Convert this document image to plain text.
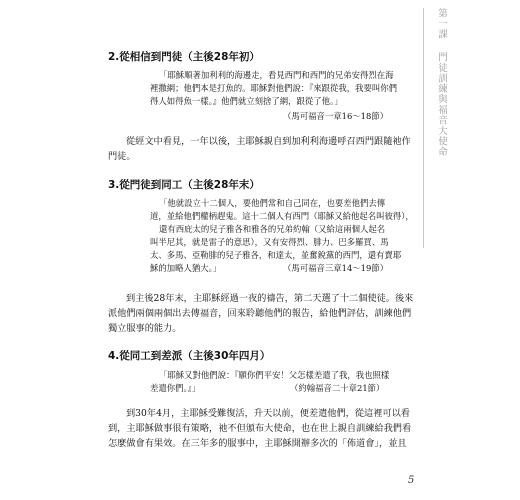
第一課 門徒訓練與福音大使命
2.從相信到門徒（主後28年初）
「耶穌順著加利利的海邊走，看見西門和西門的兄弟安得烈在海
裡撒網；他們本是打魚的。耶穌對他們說：『來跟從我，我要叫你們
得人如得魚一樣。』他們就立刻捨了網，跟從了他。」
（馬可福音一章16～18節）
從經文中看見，一年以後，主耶穌親自到加利利海邊呼召西門跟隨祂作
門徒。
3.從門徒到同工（主後28年末）
「他就設立十二個人，要他們常和自己同在，也要差他們去傳
道，並給他們權柄趕鬼。這十二個人有西門（耶穌又給他起名叫彼得），
還有西庇太的兒子雅各和雅各的兄弟約翰（又給這兩個人起名
叫半尼其，就是雷子的意思），又有安得烈、腓力、巴多羅買、馬
太、多馬、亞勒腓的兒子雅各，和達太，並奮銳黨的西門，還有賣耶
穌的加略人猶大。」	（馬可福音三章14～19節）
到主後28年末，主耶穌經過一夜的禱告，第二天選了十二個使徒。後來
派他們兩個兩個出去傳福音，回來聆聽他們的報告，給他們評估，訓練他們
獨立服事的能力。
4.從同工到差派（主後30年四月）
「耶穌又對他們說：『願你們平安！父怎樣差遣了我，我也照樣
差遣你們。』」	（約翰福音二十章21節）
到30年4月，主耶穌受難復活，升天以前，便差遣他們，從這裡可以看
到，主耶穌做事很有策略，祂不但頒布大使命，也在世上親自訓練給我們看
怎麼做會有果效。在三年多的服事中，主耶穌開辦多次的「佈道會」，並且
5
